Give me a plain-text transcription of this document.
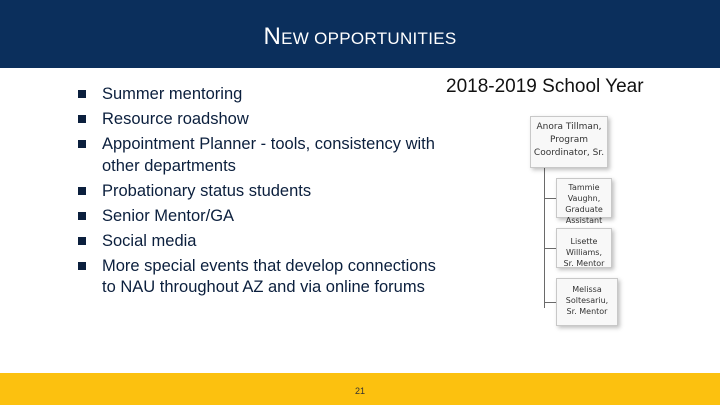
NEW OPPORTUNITIES
2018-2019 School Year
Summer mentoring
Resource roadshow
Appointment Planner - tools, consistency with other departments
Probationary status students
Senior Mentor/GA
Social media
More special events that develop connections to NAU throughout AZ and via online forums
Anora Tillman,
Program
Coordinator, Sr.
Tammie Vaughn,
Graduate
Assistant
Lisette Williams,
Sr. Mentor
Melissa
Soltesariu,
Sr. Mentor
21
